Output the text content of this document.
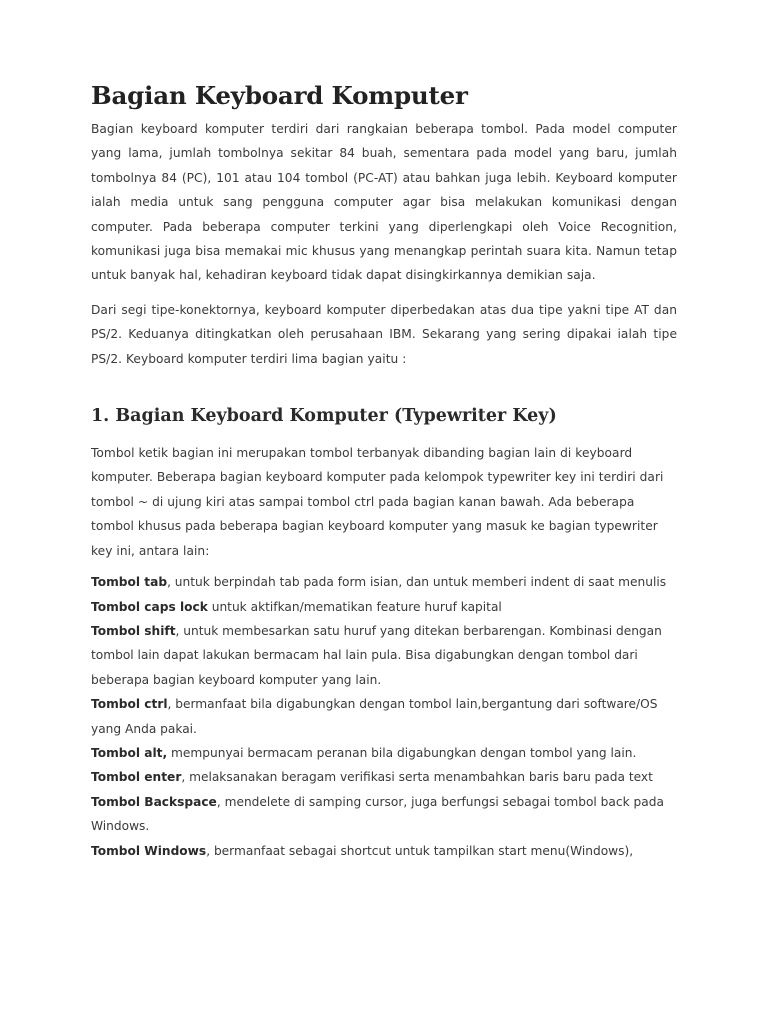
Bagian Keyboard Komputer

Bagian keyboard komputer terdiri dari rangkaian beberapa tombol. Pada model computer yang lama, jumlah tombolnya sekitar 84 buah, sementara pada model yang baru, jumlah tombolnya 84 (PC), 101 atau 104 tombol (PC-AT) atau bahkan juga lebih. Keyboard komputer ialah media untuk sang pengguna computer agar bisa melakukan komunikasi dengan computer. Pada beberapa computer terkini yang diperlengkapi oleh Voice Recognition, komunikasi juga bisa memakai mic khusus yang menangkap perintah suara kita. Namun tetap untuk banyak hal, kehadiran keyboard tidak dapat disingkirkannya demikian saja.

Dari segi tipe-konektornya, keyboard komputer diperbedakan atas dua tipe yakni tipe AT dan PS/2. Keduanya ditingkatkan oleh perusahaan IBM. Sekarang yang sering dipakai ialah tipe PS/2. Keyboard komputer terdiri lima bagian yaitu :

1. Bagian Keyboard Komputer (Typewriter Key)

Tombol ketik bagian ini merupakan tombol terbanyak dibanding bagian lain di keyboard komputer. Beberapa bagian keyboard komputer pada kelompok typewriter key ini terdiri dari tombol ~ di ujung kiri atas sampai tombol ctrl pada bagian kanan bawah. Ada beberapa tombol khusus pada beberapa bagian keyboard komputer yang masuk ke bagian typewriter key ini, antara lain:

Tombol tab, untuk berpindah tab pada form isian, dan untuk memberi indent di saat menulis
Tombol caps lock untuk aktifkan/mematikan feature huruf kapital
Tombol shift, untuk membesarkan satu huruf yang ditekan berbarengan. Kombinasi dengan tombol lain dapat lakukan bermacam hal lain pula. Bisa digabungkan dengan tombol dari beberapa bagian keyboard komputer yang lain.
Tombol ctrl, bermanfaat bila digabungkan dengan tombol lain,bergantung dari software/OS yang Anda pakai.
Tombol alt, mempunyai bermacam peranan bila digabungkan dengan tombol yang lain.
Tombol enter, melaksanakan beragam verifikasi serta menambahkan baris baru pada text
Tombol Backspace, mendelete di samping cursor, juga berfungsi sebagai tombol back pada Windows.
Tombol Windows, bermanfaat sebagai shortcut untuk tampilkan start menu(Windows),
